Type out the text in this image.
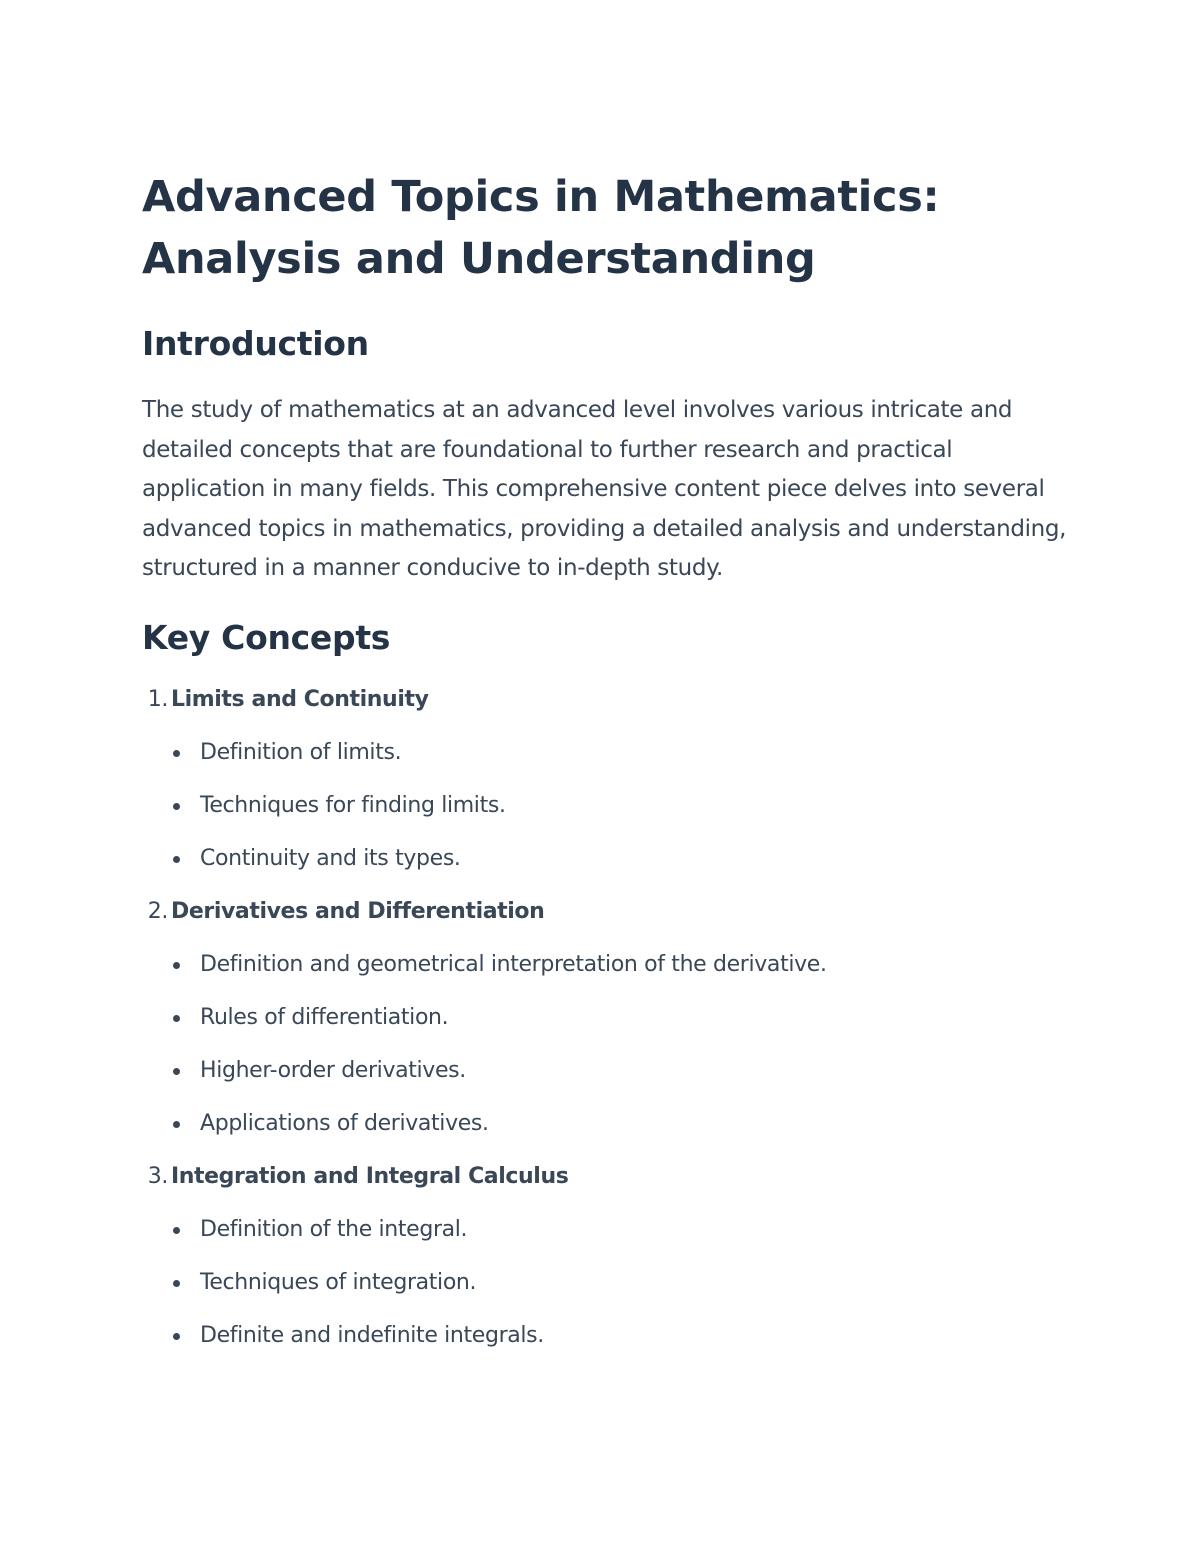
Advanced Topics in Mathematics:
Analysis and Understanding
Introduction

The study of mathematics at an advanced level involves various intricate and detailed concepts that are foundational to further research and practical application in many fields. This comprehensive content piece delves into several advanced topics in mathematics, providing a detailed analysis and understanding, structured in a manner conducive to in-depth study.

Key Concepts
1. Limits and Continuity
Definition of limits.
Techniques for finding limits.
Continuity and its types.
2. Derivatives and Differentiation
Definition and geometrical interpretation of the derivative.
Rules of differentiation.
Higher-order derivatives.
Applications of derivatives.
3. Integration and Integral Calculus
Definition of the integral.
Techniques of integration.
Definite and indefinite integrals.
